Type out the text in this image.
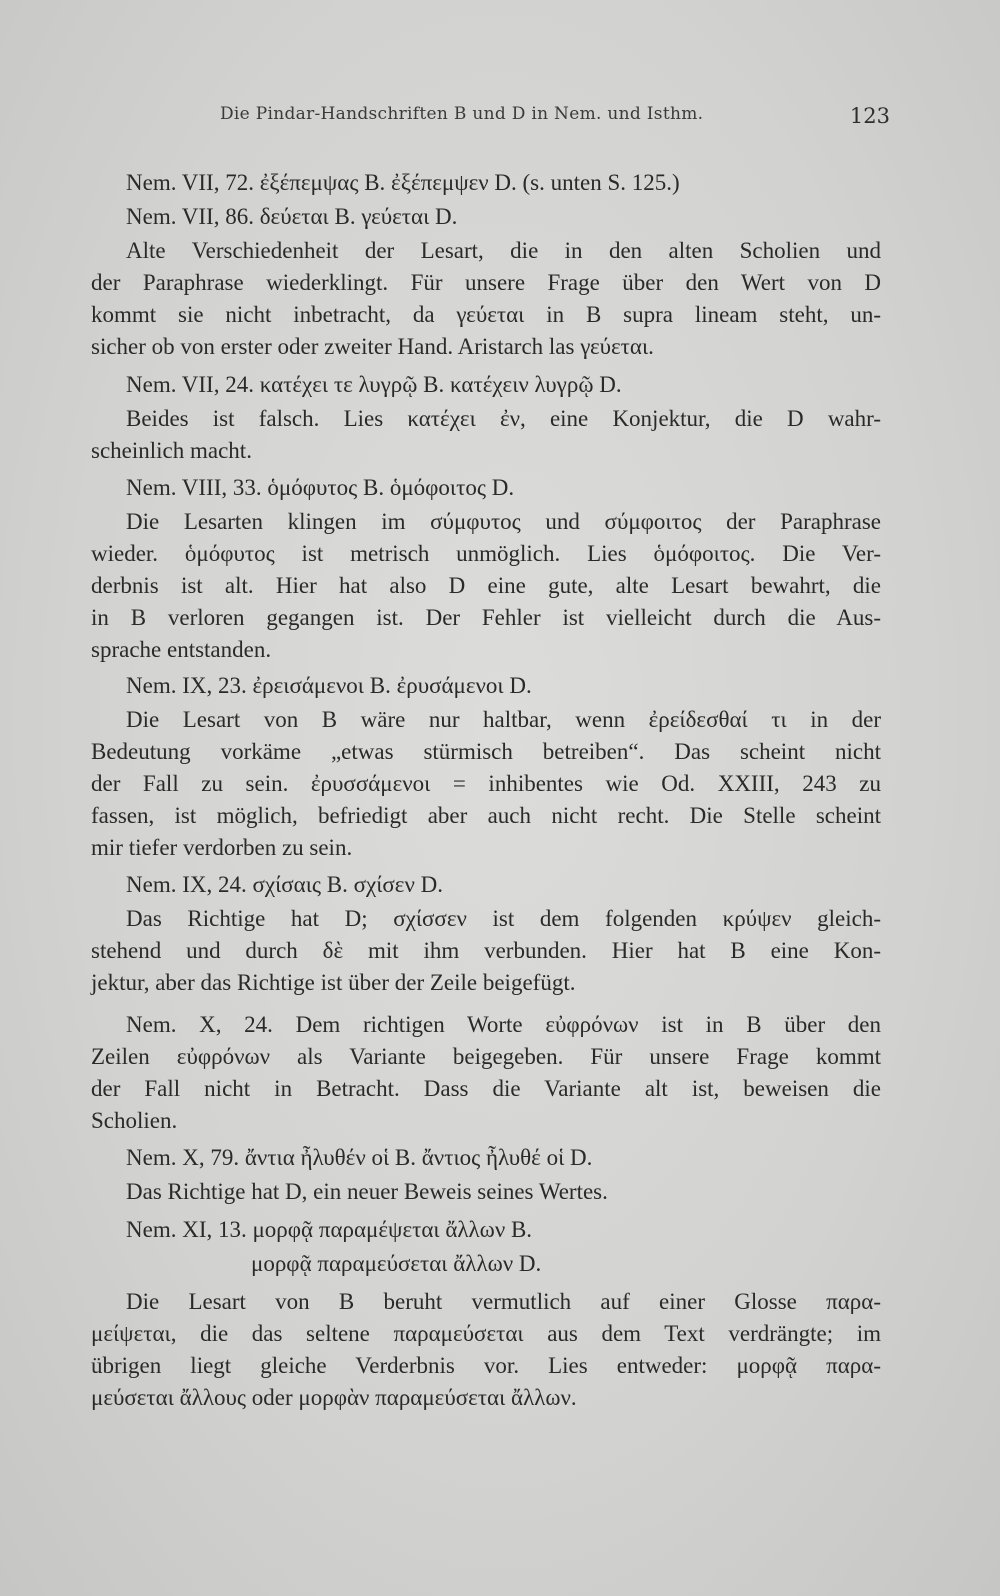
Die Pindar-Handschriften B und D in Nem. und Isthm.	123
Nem. VII, 72. ἐξέπεμψας B. ἐξέπεμψεν D. (s. unten S. 125.)
Nem. VII, 86. δεύεται B. γεύεται D.
Alte Verschiedenheit der Lesart, die in den alten Scholien und
der Paraphrase wiederklingt. Für unsere Frage über den Wert von D
kommt sie nicht inbetracht, da γεύεται in B supra lineam steht, un-
sicher ob von erster oder zweiter Hand. Aristarch las γεύεται.
Nem. VII, 24. κατέχει τε λυγρῷ B. κατέχειν λυγρῷ D.
Beides ist falsch. Lies κατέχει ἐν, eine Konjektur, die D wahr-
scheinlich macht.
Nem. VIII, 33. ὁμόφυτος B. ὁμόφοιτος D.
Die Lesarten klingen im σύμφυτος und σύμφοιτος der Paraphrase
wieder. ὁμόφυτος ist metrisch unmöglich. Lies ὁμόφοιτος. Die Ver-
derbnis ist alt. Hier hat also D eine gute, alte Lesart bewahrt, die
in B verloren gegangen ist. Der Fehler ist vielleicht durch die Aus-
sprache entstanden.
Nem. IX, 23. ἐρεισάμενοι B. ἐρυσάμενοι D.
Die Lesart von B wäre nur haltbar, wenn ἐρείδεσθαί τι in der
Bedeutung vorkäme „etwas stürmisch betreiben“. Das scheint nicht
der Fall zu sein. ἐρυσσάμενοι = inhibentes wie Od. XXIII, 243 zu
fassen, ist möglich, befriedigt aber auch nicht recht. Die Stelle scheint
mir tiefer verdorben zu sein.
Nem. IX, 24. σχίσαις B. σχίσεν D.
Das Richtige hat D; σχίσσεν ist dem folgenden κρύψεν gleich-
stehend und durch δὲ mit ihm verbunden. Hier hat B eine Kon-
jektur, aber das Richtige ist über der Zeile beigefügt.
Nem. X, 24. Dem richtigen Worte εὐφρόνων ist in B über den
Zeilen εὐφρόνων als Variante beigegeben. Für unsere Frage kommt
der Fall nicht in Betracht. Dass die Variante alt ist, beweisen die
Scholien.
Nem. X, 79. ἄντια ἦλυθέν οἱ B. ἄντιος ἦλυθέ οἱ D.
Das Richtige hat D, ein neuer Beweis seines Wertes.
Nem. XI, 13. μορφᾷ παραμέψεται ἄλλων B.
μορφᾷ παραμεύσεται ἄλλων D.
Die Lesart von B beruht vermutlich auf einer Glosse παρα-
μείψεται, die das seltene παραμεύσεται aus dem Text verdrängte; im
übrigen liegt gleiche Verderbnis vor. Lies entweder: μορφᾷ παρα-
μεύσεται ἄλλους oder μορφὰν παραμεύσεται ἄλλων.
